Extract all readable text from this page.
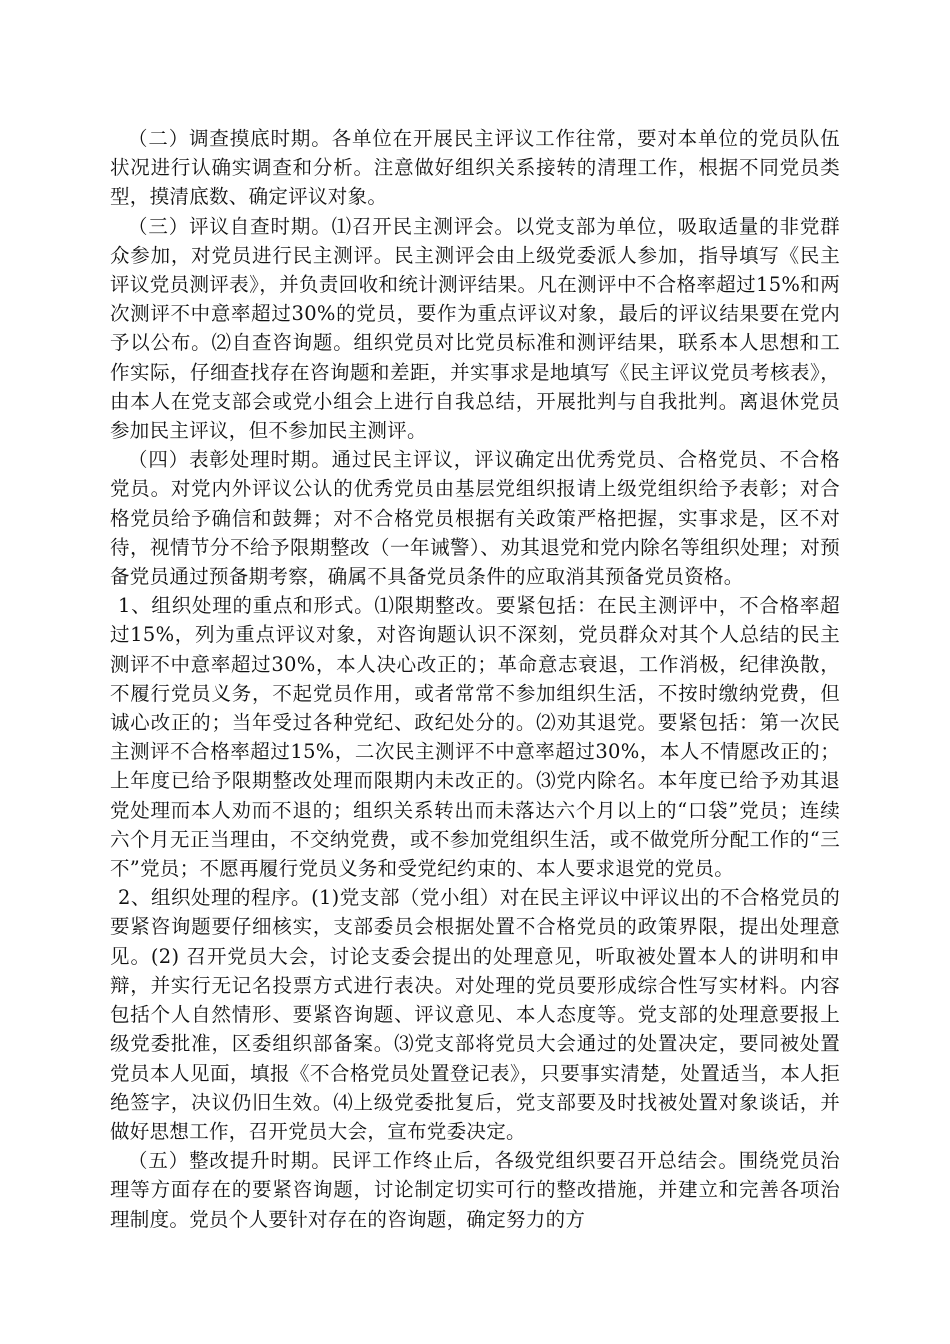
（二）调查摸底时期。各单位在开展民主评议工作往常，要对本单位的党员队伍状况进行认确实调查和分析。注意做好组织关系接转的清理工作，根据不同党员类型，摸清底数、确定评议对象。

（三）评议自查时期。⑴召开民主测评会。以党支部为单位，吸取适量的非党群众参加，对党员进行民主测评。民主测评会由上级党委派人参加，指导填写《民主评议党员测评表》，并负责回收和统计测评结果。凡在测评中不合格率超过15%和两次测评不中意率超过30%的党员，要作为重点评议对象，最后的评议结果要在党内予以公布。⑵自查咨询题。组织党员对比党员标准和测评结果，联系本人思想和工作实际，仔细查找存在咨询题和差距，并实事求是地填写《民主评议党员考核表》，由本人在党支部会或党小组会上进行自我总结，开展批判与自我批判。离退休党员参加民主评议，但不参加民主测评。

（四）表彰处理时期。通过民主评议，评议确定出优秀党员、合格党员、不合格党员。对党内外评议公认的优秀党员由基层党组织报请上级党组织给予表彰；对合格党员给予确信和鼓舞；对不合格党员根据有关政策严格把握，实事求是，区不对待，视情节分不给予限期整改（一年诫警）、劝其退党和党内除名等组织处理；对预备党员通过预备期考察，确属不具备党员条件的应取消其预备党员资格。

1、组织处理的重点和形式。⑴限期整改。要紧包括：在民主测评中，不合格率超过15%，列为重点评议对象，对咨询题认识不深刻，党员群众对其个人总结的民主测评不中意率超过30%，本人决心改正的；革命意志衰退，工作消极，纪律涣散，不履行党员义务，不起党员作用，或者常常不参加组织生活，不按时缴纳党费，但诚心改正的；当年受过各种党纪、政纪处分的。⑵劝其退党。要紧包括：第一次民主测评不合格率超过15%，二次民主测评不中意率超过30%，本人不情愿改正的；上年度已给予限期整改处理而限期内未改正的。⑶党内除名。本年度已给予劝其退党处理而本人劝而不退的；组织关系转出而未落达六个月以上的“口袋”党员；连续六个月无正当理由，不交纳党费，或不参加党组织生活，或不做党所分配工作的“三不”党员；不愿再履行党员义务和受党纪约束的、本人要求退党的党员。

2、组织处理的程序。(1)党支部（党小组）对在民主评议中评议出的不合格党员的要紧咨询题要仔细核实，支部委员会根据处置不合格党员的政策界限，提出处理意见。(2) 召开党员大会，讨论支委会提出的处理意见，听取被处置本人的讲明和申辩，并实行无记名投票方式进行表决。对处理的党员要形成综合性写实材料。内容包括个人自然情形、要紧咨询题、评议意见、本人态度等。党支部的处理意要报上级党委批准，区委组织部备案。⑶党支部将党员大会通过的处置决定，要同被处置党员本人见面，填报《不合格党员处置登记表》，只要事实清楚，处置适当，本人拒绝签字，决议仍旧生效。⑷上级党委批复后，党支部要及时找被处置对象谈话，并做好思想工作，召开党员大会，宣布党委决定。

（五）整改提升时期。民评工作终止后，各级党组织要召开总结会。围绕党员治理等方面存在的要紧咨询题，讨论制定切实可行的整改措施，并建立和完善各项治理制度。党员个人要针对存在的咨询题，确定努力的方
